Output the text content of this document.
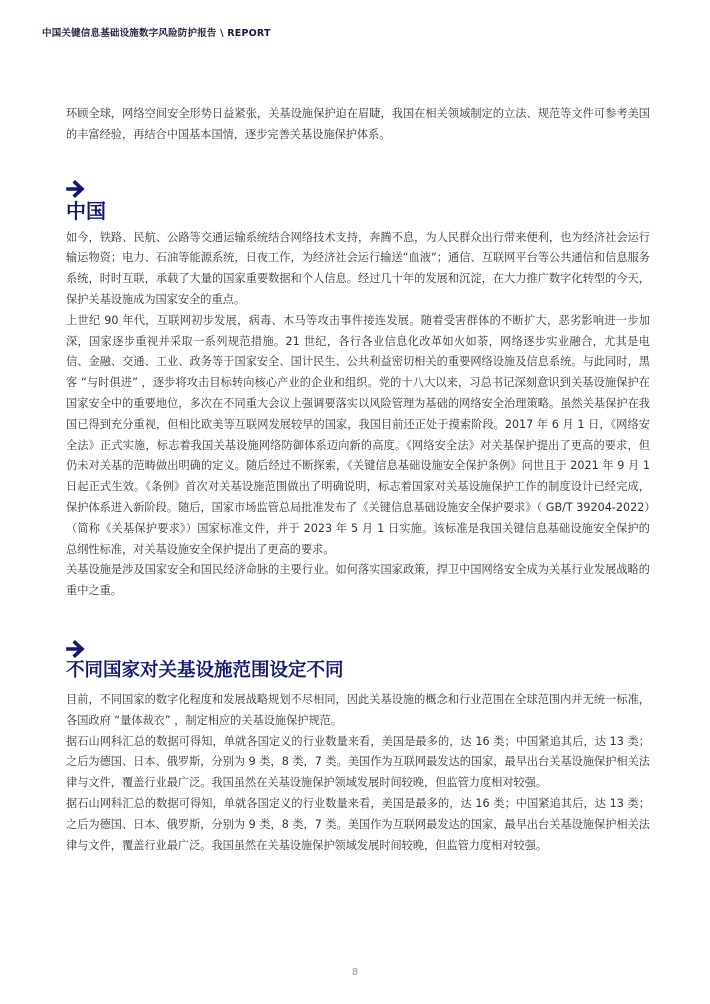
中国关键信息基础设施数字风险防护报告 \ REPORT

环顾全球，网络空间安全形势日益紧张，关基设施保护迫在眉睫，我国在相关领域制定的立法、规范等文件可参考美国的丰富经验，再结合中国基本国情，逐步完善关基设施保护体系。

中国

如今，铁路、民航、公路等交通运输系统结合网络技术支持，奔腾不息，为人民群众出行带来便利，也为经济社会运行输运物资；电力、石油等能源系统，日夜工作，为经济社会运行输送“血液”；通信、互联网平台等公共通信和信息服务系统，时时互联，承载了大量的国家重要数据和个人信息。经过几十年的发展和沉淀，在大力推广数字化转型的今天，保护关基设施成为国家安全的重点。

上世纪 90 年代，互联网初步发展，病毒、木马等攻击事件接连发展。随着受害群体的不断扩大，恶劣影响进一步加深，国家逐步重视并采取一系列规范措施。21 世纪，各行各业信息化改革如火如荼，网络逐步实业融合，尤其是电信、金融、交通、工业、政务等于国家安全、国计民生、公共利益密切相关的重要网络设施及信息系统。与此同时，黑客 “与时俱进” ，逐步将攻击目标转向核心产业的企业和组织。党的十八大以来，习总书记深刻意识到关基设施保护在国家安全中的重要地位，多次在不同重大会议上强调要落实以风险管理为基础的网络安全治理策略。虽然关基保护在我国已得到充分重视，但相比欧美等互联网发展较早的国家，我国目前还正处于摸索阶段。2017 年 6 月 1 日，《网络安全法》正式实施，标志着我国关基设施网络防御体系迈向新的高度。《网络安全法》对关基保护提出了更高的要求，但仍未对关基的范畴做出明确的定义。随后经过不断探索，《关键信息基础设施安全保护条例》问世且于 2021 年 9 月 1 日起正式生效。《条例》首次对关基设施范围做出了明确说明，标志着国家对关基设施保护工作的制度设计已经完成，保护体系进入新阶段。随后，国家市场监管总局批准发布了《关键信息基础设施安全保护要求》（ GB/T 39204-2022）（简称《关基保护要求》）国家标准文件，并于 2023 年 5 月 1 日实施。该标准是我国关键信息基础设施安全保护的总纲性标准，对关基设施安全保护提出了更高的要求。

关基设施是涉及国家安全和国民经济命脉的主要行业。如何落实国家政策，捍卫中国网络安全成为关基行业发展战略的重中之重。

不同国家对关基设施范围设定不同

目前，不同国家的数字化程度和发展战略规划不尽相同，因此关基设施的概念和行业范围在全球范围内并无统一标准，各国政府 “量体裁衣” ，制定相应的关基设施保护规范。

据石山网科汇总的数据可得知，单就各国定义的行业数量来看，美国是最多的，达 16 类；中国紧追其后，达 13 类；之后为德国、日本、俄罗斯，分别为 9 类，8 类，7 类。美国作为互联网最发达的国家，最早出台关基设施保护相关法律与文件，覆盖行业最广泛。我国虽然在关基设施保护领域发展时间较晚，但监管力度相对较强。

据石山网科汇总的数据可得知，单就各国定义的行业数量来看，美国是最多的，达 16 类；中国紧追其后，达 13 类；之后为德国、日本、俄罗斯，分别为 9 类，8 类，7 类。美国作为互联网最发达的国家，最早出台关基设施保护相关法律与文件，覆盖行业最广泛。我国虽然在关基设施保护领域发展时间较晚，但监管力度相对较强。

8
